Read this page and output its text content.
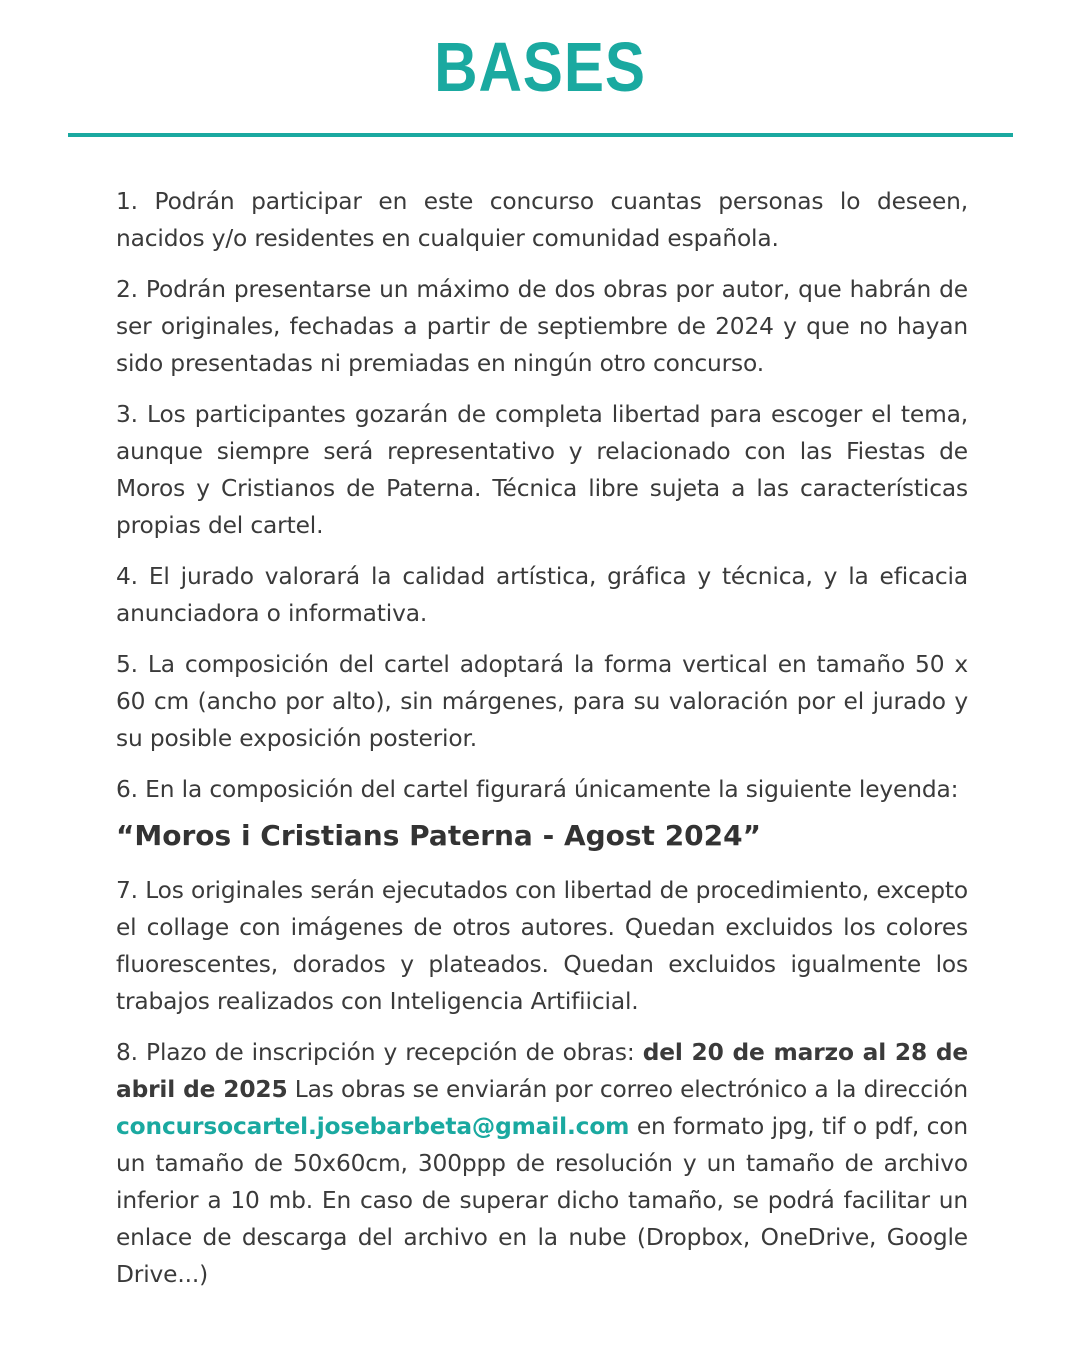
BASES

1. Podrán participar en este concurso cuantas personas lo deseen, nacidos y/o residentes en cualquier comunidad española.

2. Podrán presentarse un máximo de dos obras por autor, que habrán de ser originales, fechadas a partir de septiembre de 2024 y que no hayan sido presentadas ni premiadas en ningún otro concurso.

3. Los participantes gozarán de completa libertad para escoger el tema, aunque siempre será representativo y relacionado con las Fiestas de Moros y Cristianos de Paterna. Técnica libre sujeta a las características propias del cartel.

4. El jurado valorará la calidad artística, gráfica y técnica, y la eficacia anunciadora o informativa.

5. La composición del cartel adoptará la forma vertical en tamaño 50 x 60 cm (ancho por alto), sin márgenes, para su valoración por el jurado y su posible exposición posterior.

6. En la composición del cartel figurará únicamente la siguiente leyenda:

“Moros i Cristians Paterna - Agost 2024”

7. Los originales serán ejecutados con libertad de procedimiento, excepto el collage con imágenes de otros autores. Quedan excluidos los colores fluorescentes, dorados y plateados. Quedan excluidos igualmente los trabajos realizados con Inteligencia Artifiicial.

8. Plazo de inscripción y recepción de obras: del 20 de marzo al 28 de abril de 2025 Las obras se enviarán por correo electrónico a la dirección concursocartel.josebarbeta@gmail.com en formato jpg, tif o pdf, con un tamaño de 50x60cm, 300ppp de resolución y un tamaño de archivo inferior a 10 mb. En caso de superar dicho tamaño, se podrá facilitar un enlace de descarga del archivo en la nube (Dropbox, OneDrive, Google Drive...)
